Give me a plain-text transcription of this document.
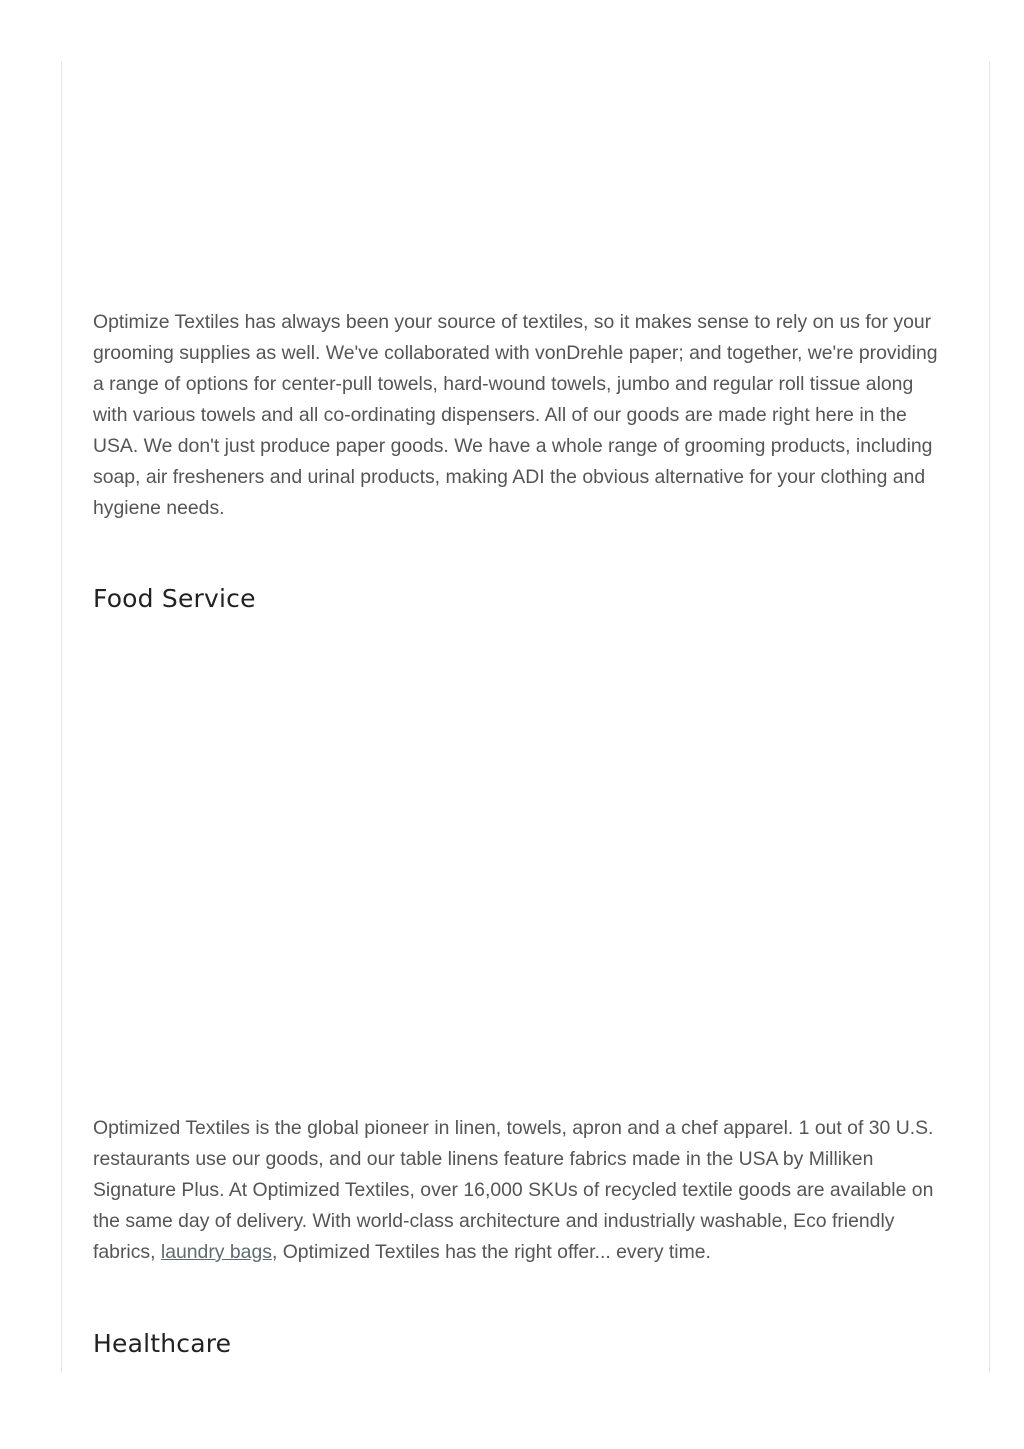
Optimize Textiles has always been your source of textiles, so it makes sense to rely on us for your grooming supplies as well. We've collaborated with vonDrehle paper; and together, we're providing a range of options for center-pull towels, hard-wound towels, jumbo and regular roll tissue along with various towels and all co-ordinating dispensers. All of our goods are made right here in the USA. We don't just produce paper goods. We have a whole range of grooming products, including soap, air fresheners and urinal products, making ADI the obvious alternative for your clothing and hygiene needs.

Food Service

Optimized Textiles is the global pioneer in linen, towels, apron and a chef apparel. 1 out of 30 U.S. restaurants use our goods, and our table linens feature fabrics made in the USA by Milliken Signature Plus. At Optimized Textiles, over 16,000 SKUs of recycled textile goods are available on the same day of delivery. With world-class architecture and industrially washable, Eco friendly fabrics, laundry bags, Optimized Textiles has the right offer... every time.

Healthcare
